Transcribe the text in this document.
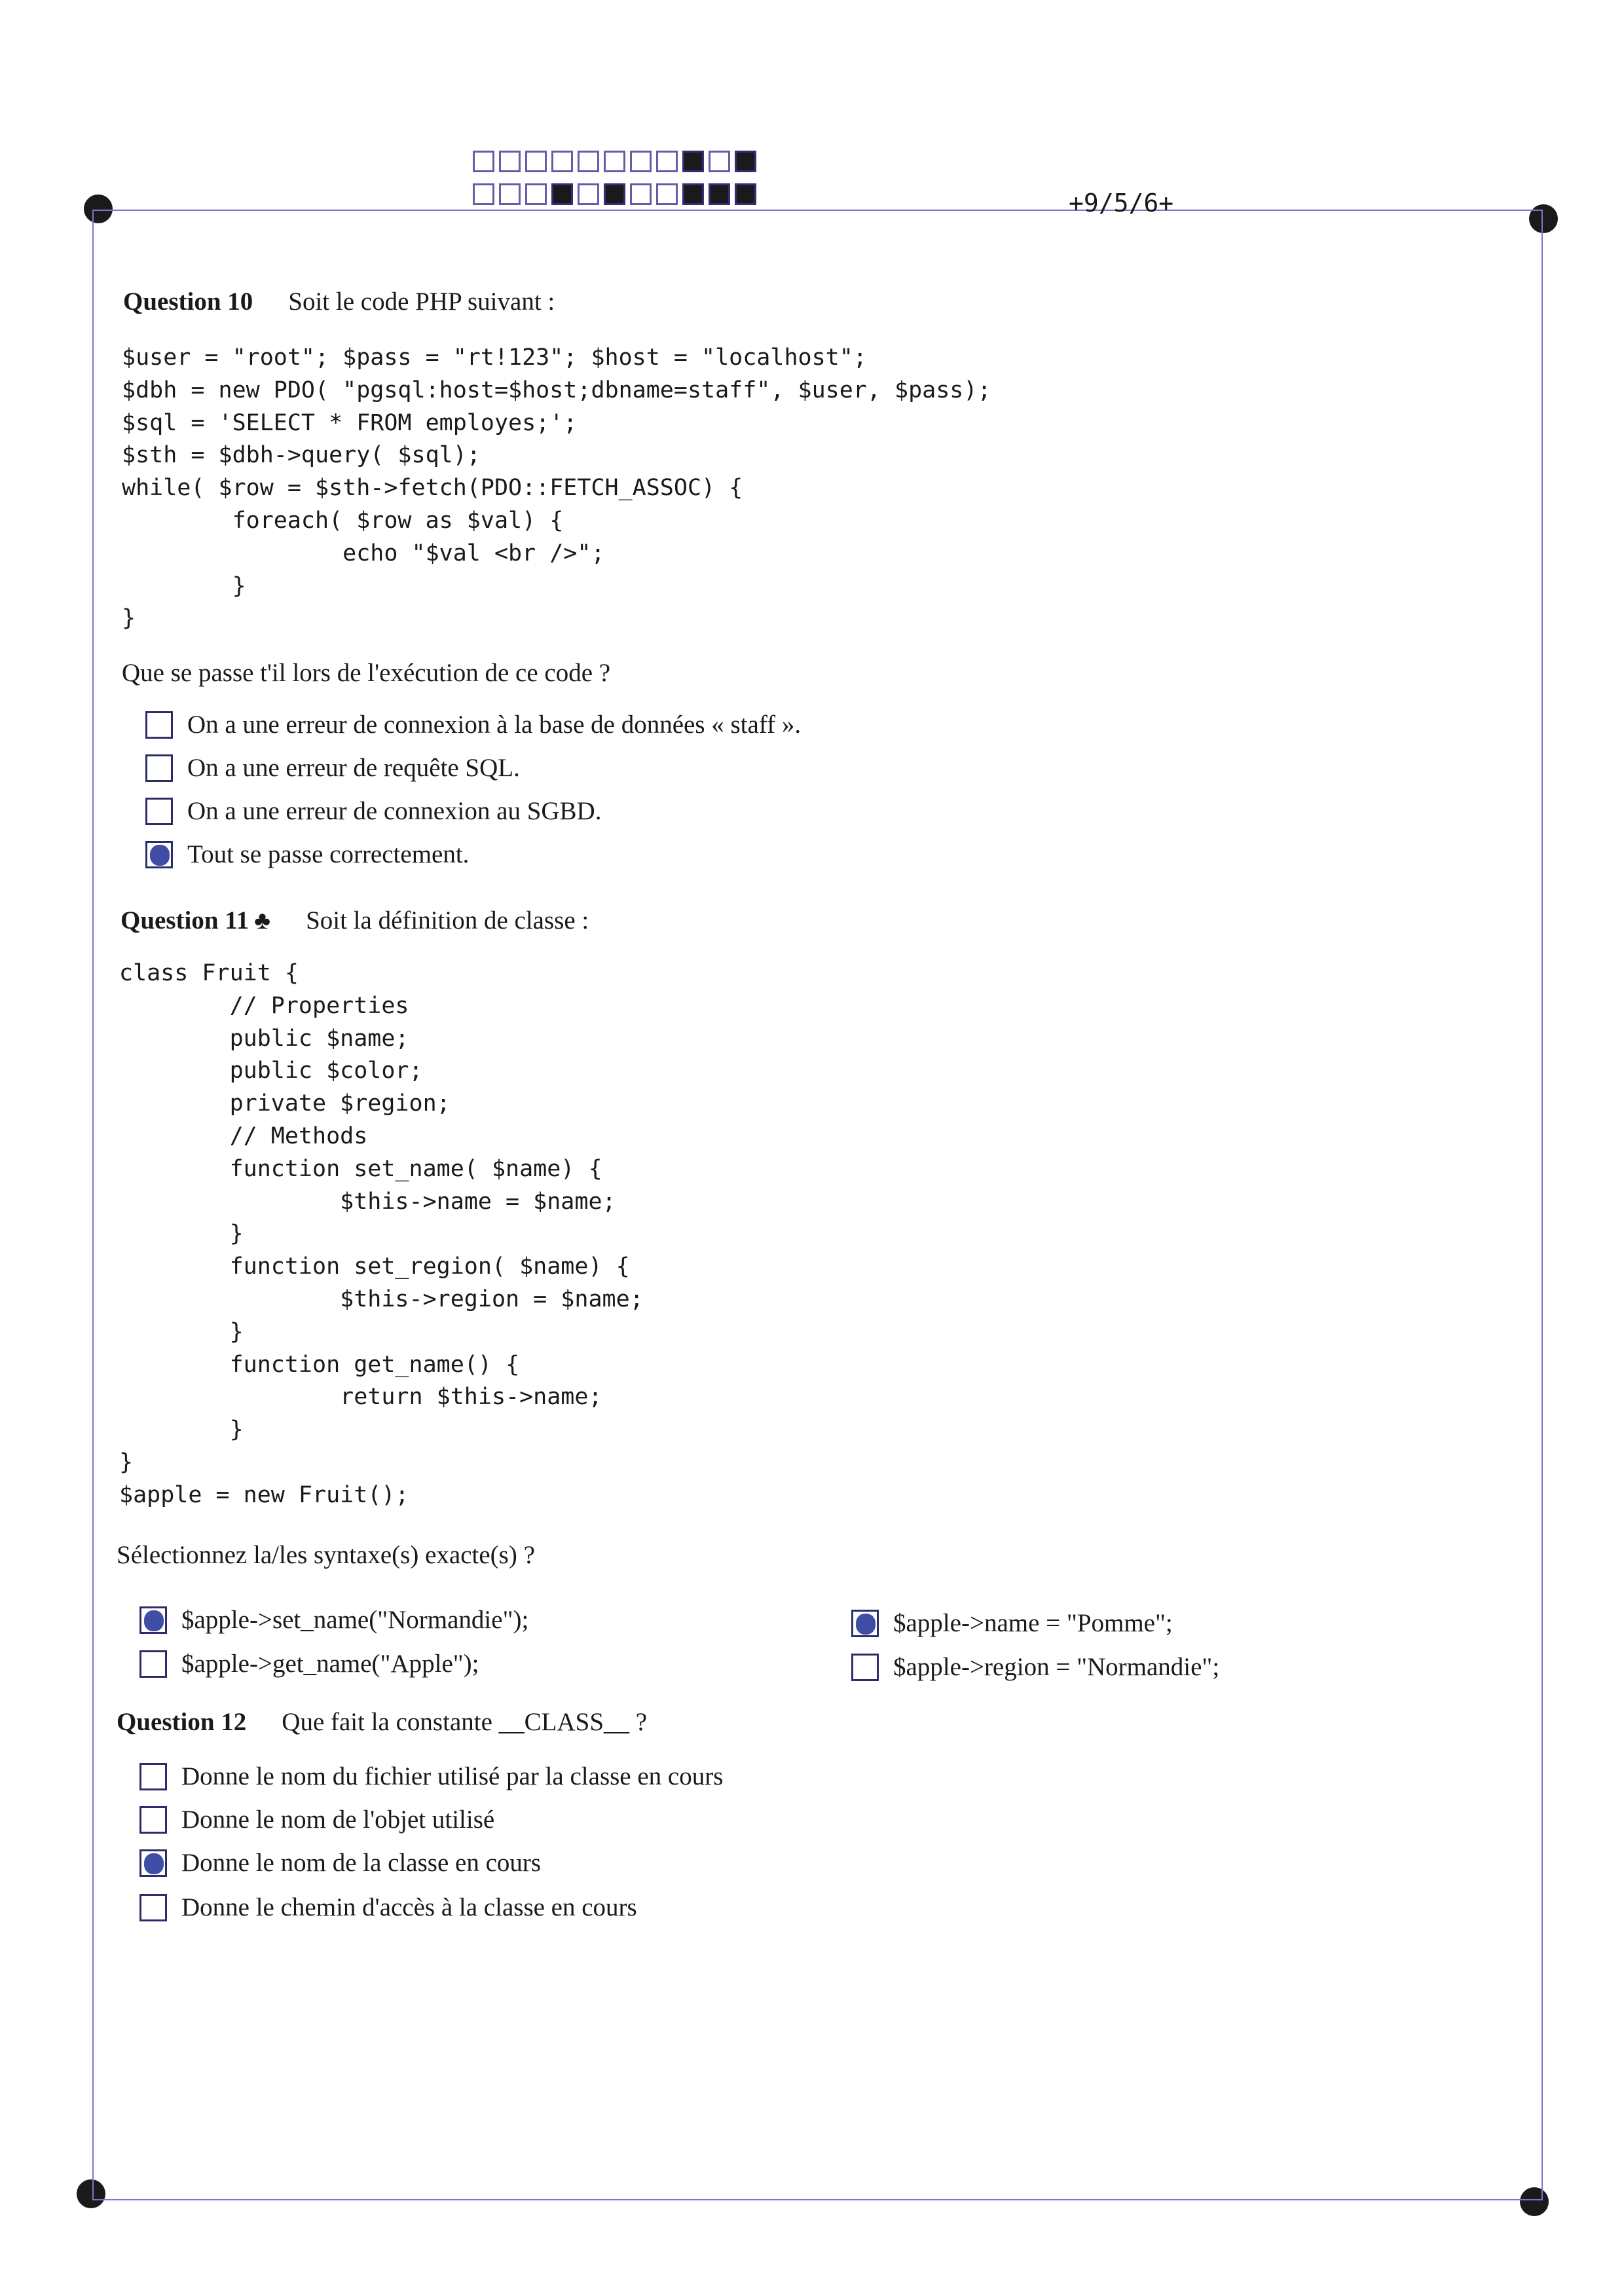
+9/5/6+
Question 10 Soit le code PHP suivant :
$user = "root"; $pass = "rt!123"; $host = "localhost";
$dbh = new PDO( "pgsql:host=$host;dbname=staff", $user, $pass);
$sql = 'SELECT * FROM employes;';
$sth = $dbh->query( $sql);
while( $row = $sth->fetch(PDO::FETCH_ASSOC) {
foreach( $row as $val) {
echo "$val <br />";
}
}
Que se passe t'il lors de l'exécution de ce code ?
On a une erreur de connexion à la base de données « staff ».
On a une erreur de requête SQL.
On a une erreur de connexion au SGBD.
Tout se passe correctement.
Question 11 ♣ Soit la définition de classe :
class Fruit {
// Properties
public $name;
public $color;
private $region;
// Methods
function set_name( $name) {
$this->name = $name;
}
function set_region( $name) {
$this->region = $name;
}
function get_name() {
return $this->name;
}
}
$apple = new Fruit();
Sélectionnez la/les syntaxe(s) exacte(s) ?
$apple->set_name("Normandie");
$apple->get_name("Apple");
$apple->name = "Pomme";
$apple->region = "Normandie";
Question 12 Que fait la constante __CLASS__ ?
Donne le nom du fichier utilisé par la classe en cours
Donne le nom de l'objet utilisé
Donne le nom de la classe en cours
Donne le chemin d'accès à la classe en cours
